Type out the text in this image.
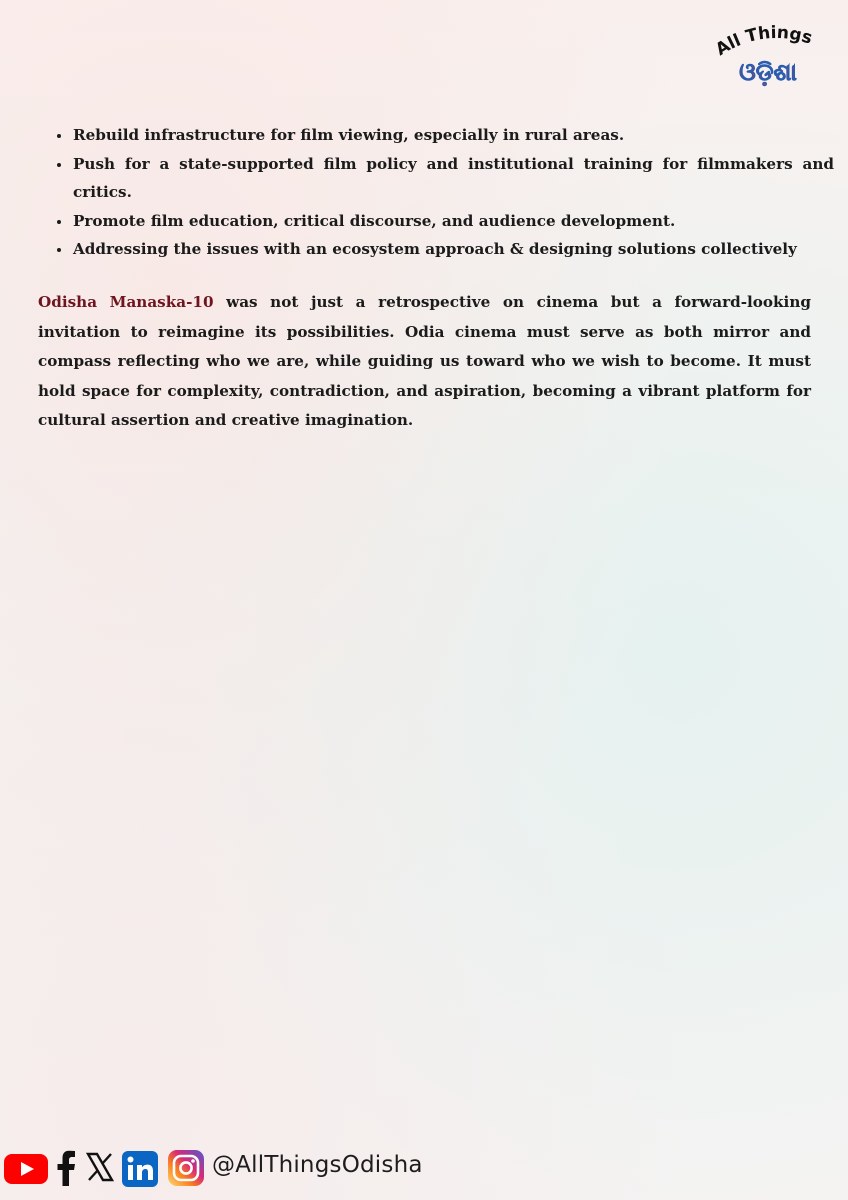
All Things
ଓଡ଼ିଶା
• Rebuild infrastructure for film viewing, especially in rural areas.
• Push for a state-supported film policy and institutional training for filmmakers and critics.
• Promote film education, critical discourse, and audience development.
• Addressing the issues with an ecosystem approach & designing solutions collectively

Odisha Manaska-10 was not just a retrospective on cinema but a forward-looking invitation to reimagine its possibilities. Odia cinema must serve as both mirror and compass reflecting who we are, while guiding us toward who we wish to become. It must hold space for complexity, contradiction, and aspiration, becoming a vibrant platform for cultural assertion and creative imagination.

@AllThingsOdisha
